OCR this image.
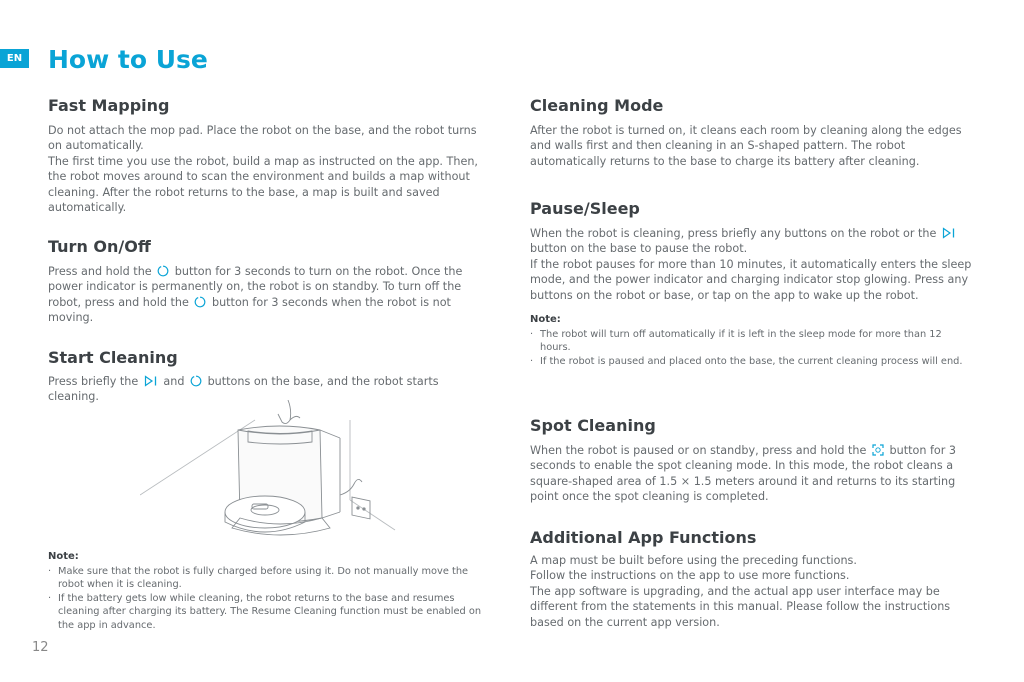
EN How to Use
Fast Mapping

Do not attach the mop pad. Place the robot on the base, and the robot turns on automatically.

The first time you use the robot, build a map as instructed on the app. Then, the robot moves around to scan the environment and builds a map without cleaning. After the robot returns to the base, a map is built and saved automatically.

Turn On/Off

Press and hold the
button for 3 seconds to turn on the robot. Once the power indicator is permanently on, the robot is on standby. To turn off the robot, press and hold the
button for 3 seconds when the robot is not moving.

Start Cleaning

Press briefly the
and
buttons on the base, and the robot starts cleaning.

Note:
· Make sure that the robot is fully charged before using it. Do not manually move the robot when it is cleaning.
· If the battery gets low while cleaning, the robot returns to the base and resumes cleaning after charging its battery. The Resume Cleaning function must be enabled on the app in advance.
12
Cleaning Mode

After the robot is turned on, it cleans each room by cleaning along the edges and walls first and then cleaning in an S-shaped pattern. The robot automatically returns to the base to charge its battery after cleaning.

Pause/Sleep

When the robot is cleaning, press briefly any buttons on the robot or the
button on the base to pause the robot.

If the robot pauses for more than 10 minutes, it automatically enters the sleep mode, and the power indicator and charging indicator stop glowing. Press any buttons on the robot or base, or tap on the app to wake up the robot.

Note:
· The robot will turn off automatically if it is left in the sleep mode for more than 12 hours.
· If the robot is paused and placed onto the base, the current cleaning process will end.
Spot Cleaning

When the robot is paused or on standby, press and hold the
button for 3 seconds to enable the spot cleaning mode. In this mode, the robot cleans a square-shaped area of 1.5 × 1.5 meters around it and returns to its starting point once the spot cleaning is completed.

Additional App Functions

A map must be built before using the preceding functions.

Follow the instructions on the app to use more functions.

The app software is upgrading, and the actual app user interface may be different from the statements in this manual. Please follow the instructions based on the current app version.
